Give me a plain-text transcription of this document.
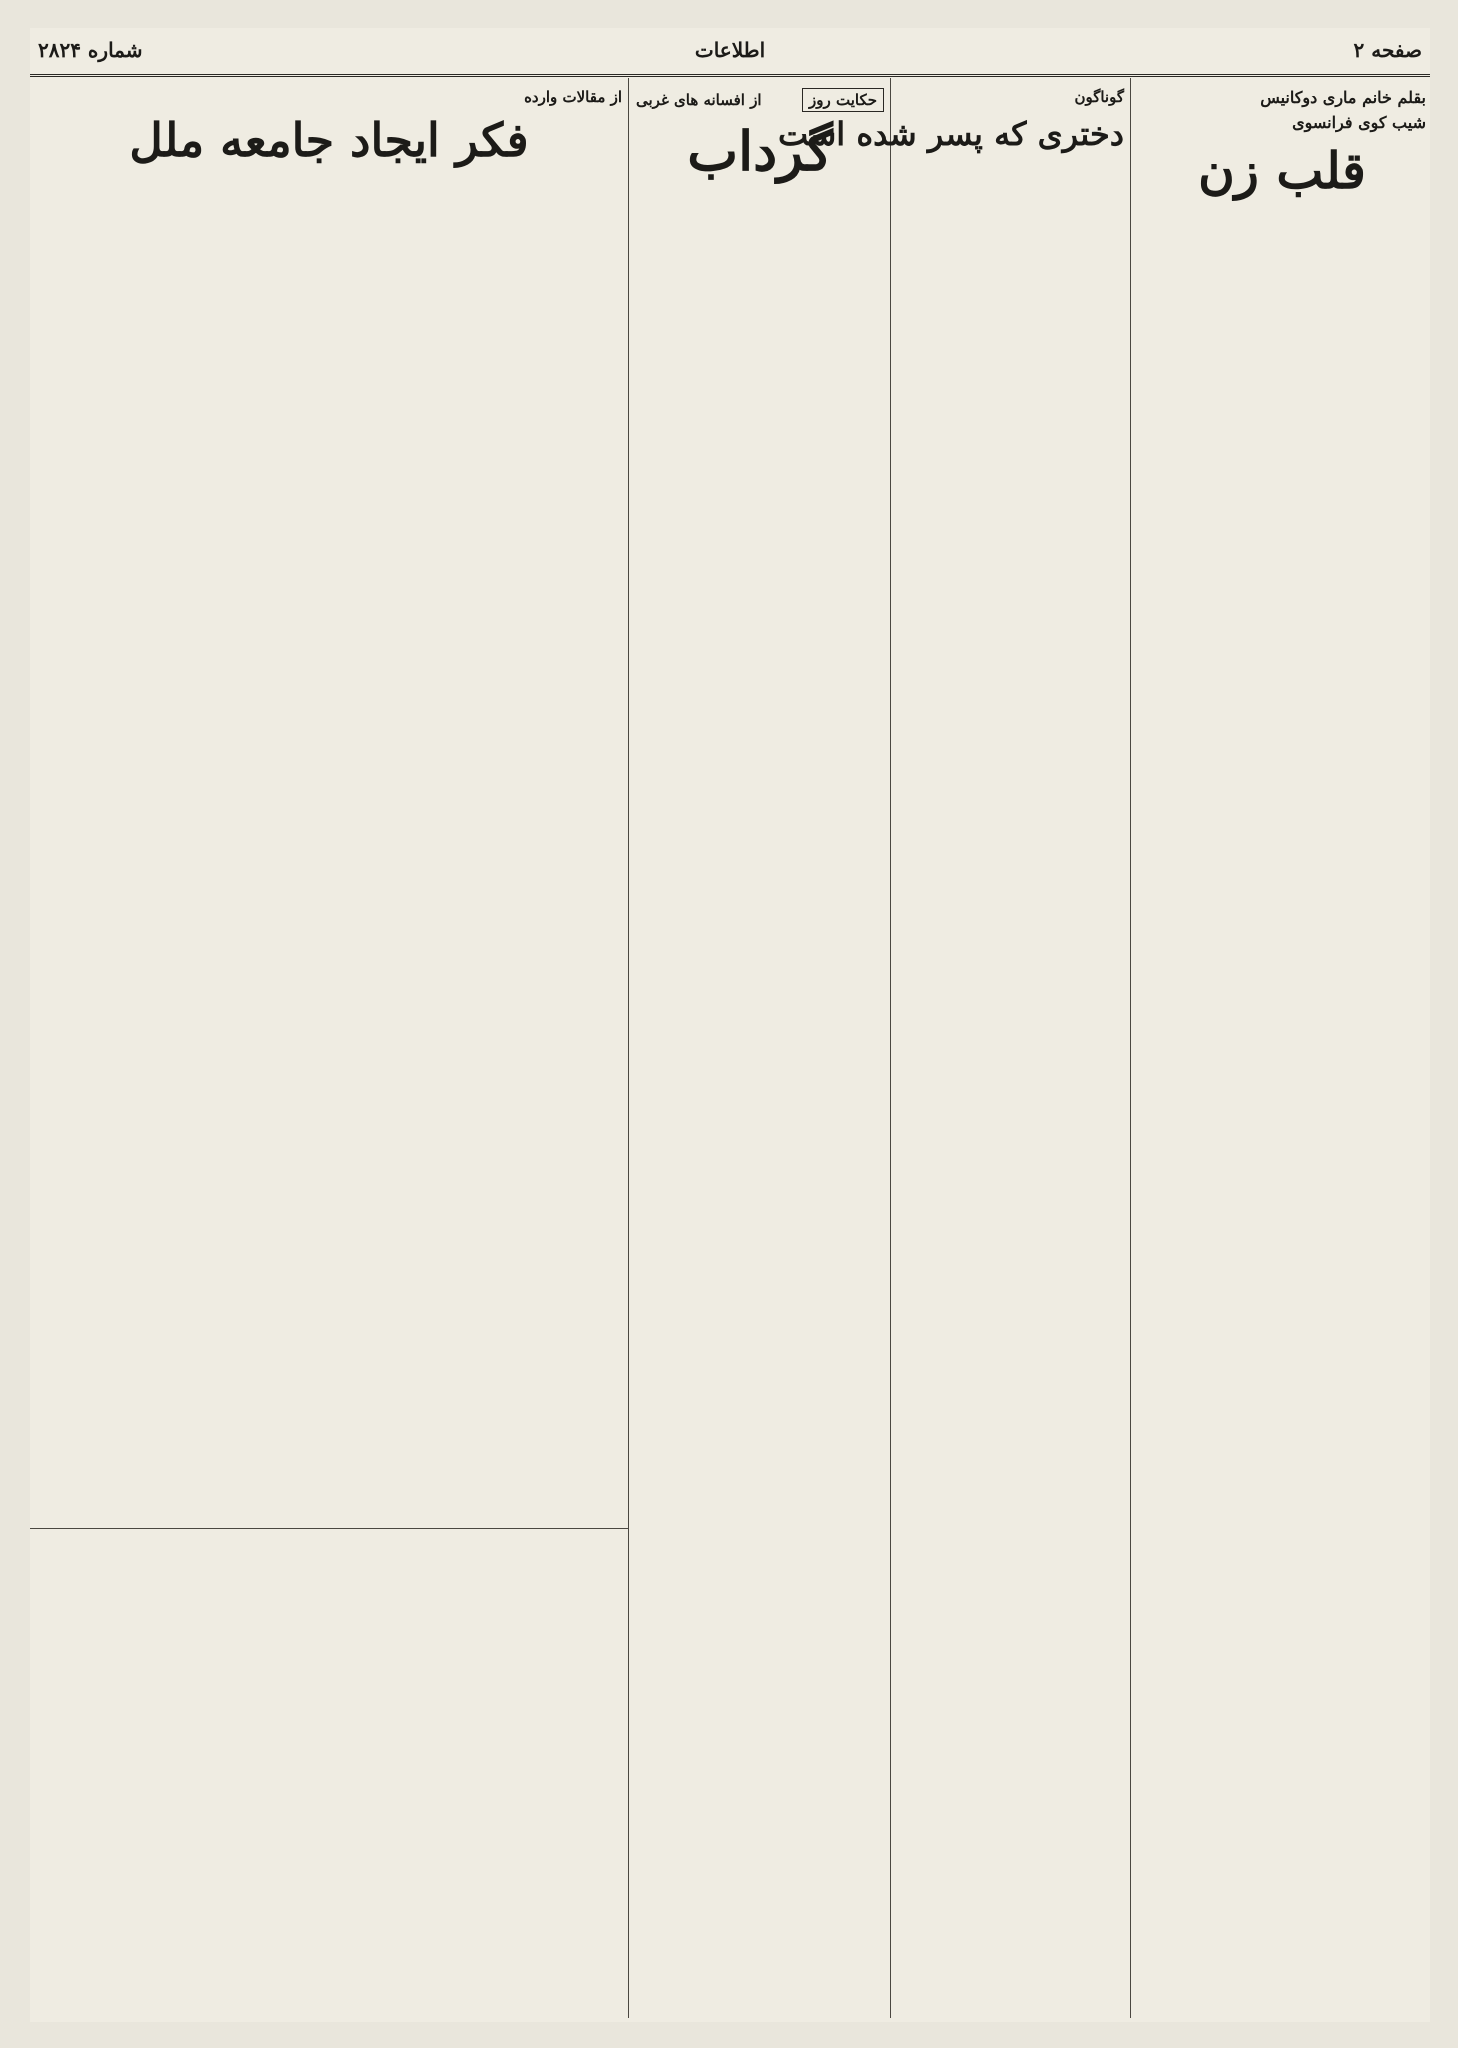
صفحه ۲
اطلاعات
شماره ۲۸۲۴
بقلم خانم ماری دوکانیس
شیب کوی فرانسوی
قلب زن

گوناگون
دختری که پسر شده است

حکایت روز
از افسانه های غربی
گرداب

از مقالات وارده
فکر ایجاد جامعه ملل
